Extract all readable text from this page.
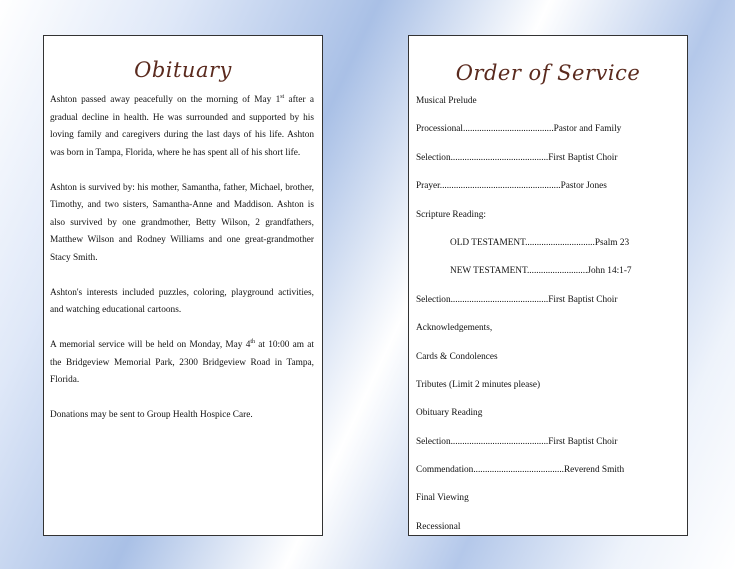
Obituary

Ashton passed away peacefully on the morning of May 1st after a gradual decline in health. He was surrounded and supported by his loving family and caregivers during the last days of his life. Ashton was born in Tampa, Florida, where he has spent all of his short life.

Ashton is survived by: his mother, Samantha, father, Michael, brother, Timothy, and two sisters, Samantha-Anne and Maddison. Ashton is also survived by one grandmother, Betty Wilson, 2 grandfathers, Matthew Wilson and Rodney Williams and one great-grandmother Stacy Smith.

Ashton's interests included puzzles, coloring, playground activities, and watching educational cartoons.

A memorial service will be held on Monday, May 4th at 10:00 am at the Bridgeview Memorial Park, 2300 Bridgeview Road in Tampa, Florida.

Donations may be sent to Group Health Hospice Care.

Order of Service
Musical Prelude
Processional.......................................Pastor and Family
Selection..........................................First Baptist Choir
Prayer....................................................Pastor Jones
Scripture Reading:
OLD TESTAMENT..............................Psalm 23
NEW TESTAMENT..........................John 14:1-7
Selection..........................................First Baptist Choir
Acknowledgements,
Cards & Condolences
Tributes (Limit 2 minutes please)
Obituary Reading
Selection..........................................First Baptist Choir
Commendation.......................................Reverend Smith
Final Viewing
Recessional
